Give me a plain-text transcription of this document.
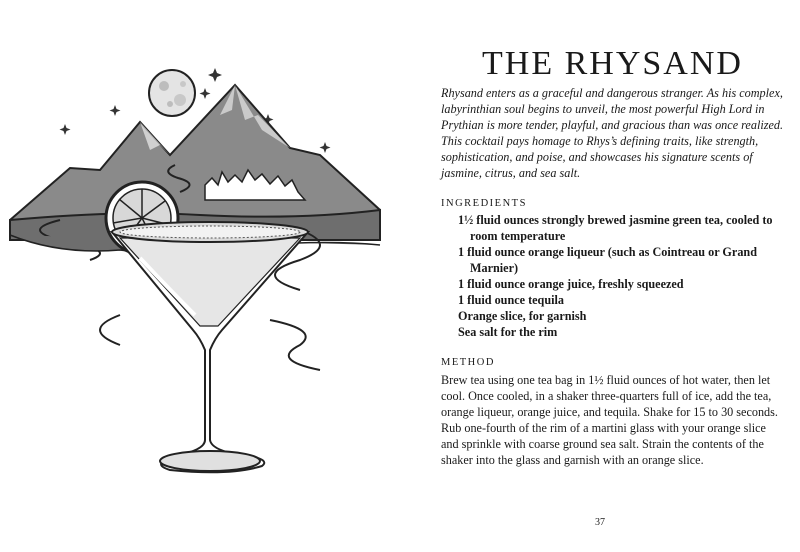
THE RHYSAND

Rhysand enters as a graceful and dangerous stranger. As his complex, labyrinthian soul begins to unveil, the most powerful High Lord in Prythian is more tender, playful, and gracious than was once realized. This cocktail pays homage to Rhys’s defining traits, like strength, sophistication, and poise, and showcases his signature scents of jasmine, citrus, and sea salt.

INGREDIENTS
1½ fluid ounces strongly brewed jasmine green tea, cooled to room temperature
1 fluid ounce orange liqueur (such as Cointreau or Grand Marnier)
1 fluid ounce orange juice, freshly squeezed
1 fluid ounce tequila
Orange slice, for garnish
Sea salt for the rim
METHOD

Brew tea using one tea bag in 1½ fluid ounces of hot water, then let cool. Once cooled, in a shaker three-quarters full of ice, add the tea, orange liqueur, orange juice, and tequila. Shake for 15 to 30 seconds. Rub one-fourth of the rim of a martini glass with your orange slice and sprinkle with coarse ground sea salt. Strain the contents of the shaker into the glass and garnish with an orange slice.

37
